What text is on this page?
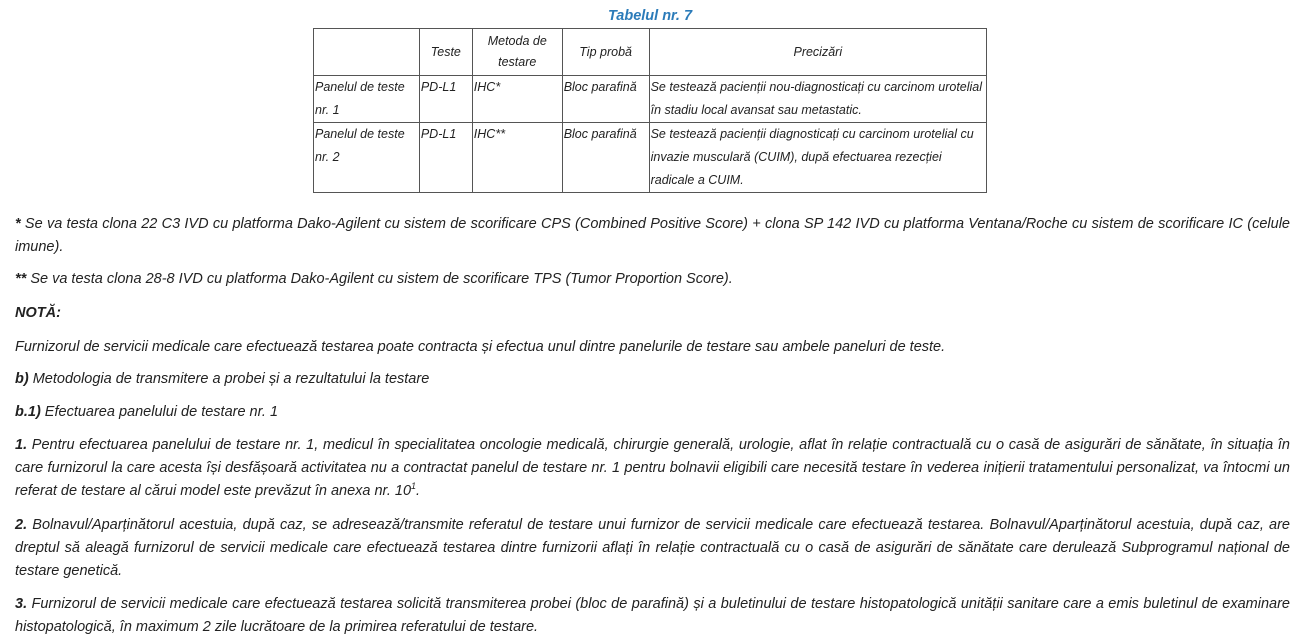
Tabelul nr. 7
	Teste	Metoda de testare	Tip probă	Precizări
Panelul de teste nr. 1	PD-L1	IHC*	Bloc parafină	Se testează pacienții nou-diagnosticați cu carcinom urotelial în stadiu local avansat sau metastatic.
Panelul de teste nr. 2	PD-L1	IHC**	Bloc parafină	Se testează pacienții diagnosticați cu carcinom urotelial cu invazie musculară (CUIM), după efectuarea rezecției radicale a CUIM.

* Se va testa clona 22 C3 IVD cu platforma Dako-Agilent cu sistem de scorificare CPS (Combined Positive Score) + clona SP 142 IVD cu platforma Ventana/Roche cu sistem de scorificare IC (celule imune).

** Se va testa clona 28-8 IVD cu platforma Dako-Agilent cu sistem de scorificare TPS (Tumor Proportion Score).

NOTĂ:

Furnizorul de servicii medicale care efectuează testarea poate contracta și efectua unul dintre panelurile de testare sau ambele paneluri de teste.

b) Metodologia de transmitere a probei și a rezultatului la testare

b.1) Efectuarea panelului de testare nr. 1

1. Pentru efectuarea panelului de testare nr. 1, medicul în specialitatea oncologie medicală, chirurgie generală, urologie, aflat în relație contractuală cu o casă de asigurări de sănătate, în situația în care furnizorul la care acesta își desfășoară activitatea nu a contractat panelul de testare nr. 1 pentru bolnavii eligibili care necesită testare în vederea inițierii tratamentului personalizat, va întocmi un referat de testare al cărui model este prevăzut în anexa nr. $10^1$.

2. Bolnavul/Aparținătorul acestuia, după caz, se adresează/transmite referatul de testare unui furnizor de servicii medicale care efectuează testarea. Bolnavul/Aparținătorul acestuia, după caz, are dreptul să aleagă furnizorul de servicii medicale care efectuează testarea dintre furnizorii aflați în relație contractuală cu o casă de asigurări de sănătate care derulează Subprogramul național de testare genetică.

3. Furnizorul de servicii medicale care efectuează testarea solicită transmiterea probei (bloc de parafină) și a buletinului de testare histopatologică unității sanitare care a emis buletinul de examinare histopatologică, în maximum 2 zile lucrătoare de la primirea referatului de testare.
